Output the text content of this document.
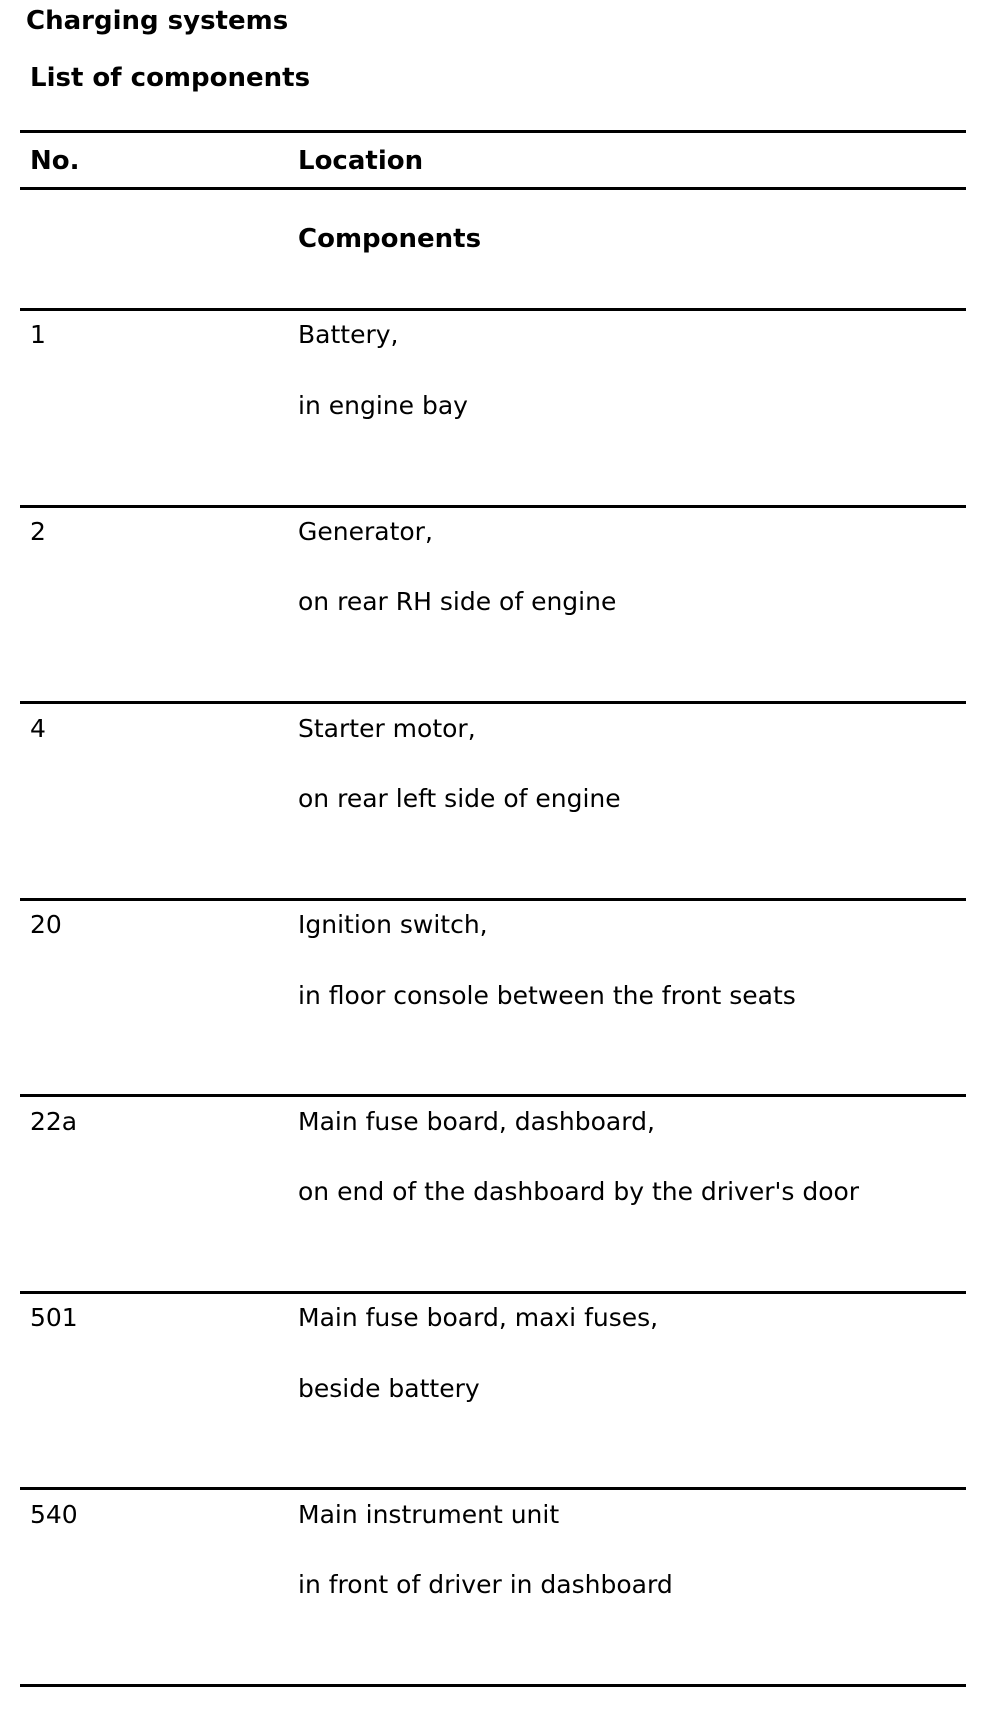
Charging systems
List of components
No.	Location
Components
1	Battery,
in engine bay
2	Generator,
on rear RH side of engine
4	Starter motor,
on rear left side of engine
20	Ignition switch,
in floor console between the front seats
22a	Main fuse board, dashboard,
on end of the dashboard by the driver's door
501	Main fuse board, maxi fuses,
beside battery
540	Main instrument unit
in front of driver in dashboard
